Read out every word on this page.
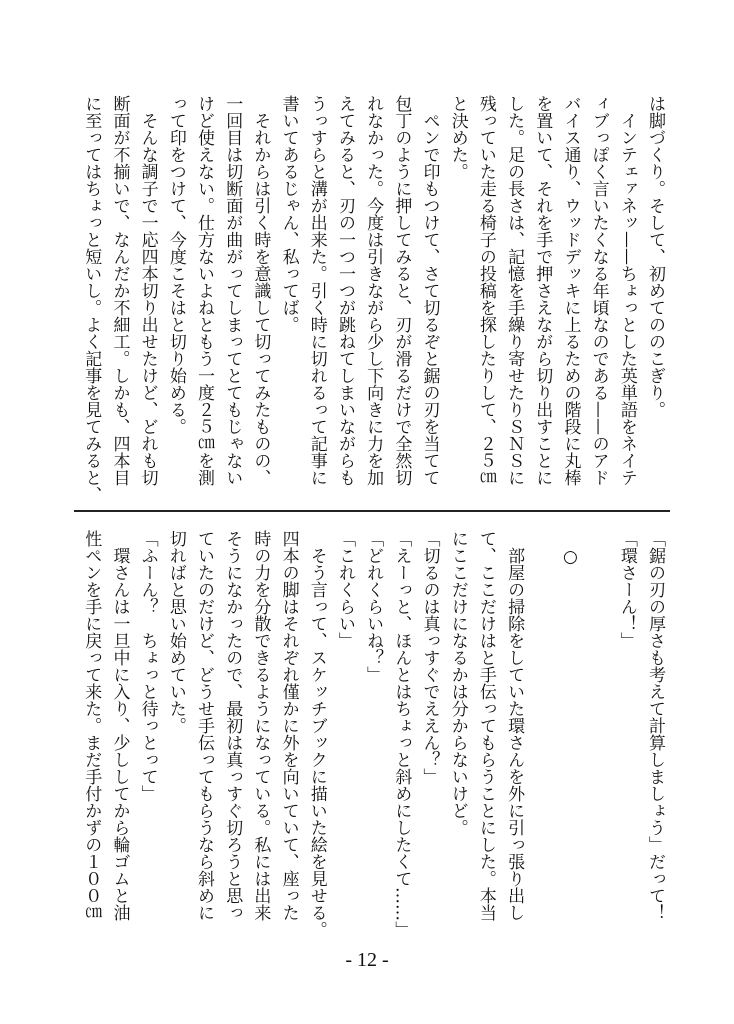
は脚づくり。そして、初めてののこぎり。
　インテェァネッ——ちょっとした英単語をネイテ
ィブっぽく言いたくなる年頃なのである——のアド
バイス通り、ウッドデッキに上るための階段に丸棒
を置いて、それを手で押さえながら切り出すことに
した。足の長さは、記憶を手繰り寄せたりＳＮＳに
残っていた走る椅子の投稿を探したりして、２５㎝
と決めた。
　ペンで印もつけて、さて切るぞと鋸の刃を当てて
包丁のように押してみると、刃が滑るだけで全然切
れなかった。今度は引きながら少し下向きに力を加
えてみると、刃の一つ一つが跳ねてしまいながらも
うっすらと溝が出来た。引く時に切れるって記事に
書いてあるじゃん、私ってば。
　それからは引く時を意識して切ってみたものの、
一回目は切断面が曲がってしまってとてもじゃない
けど使えない。仕方ないよねともう一度２５㎝を測
って印をつけて、今度こそはと切り始める。
　そんな調子で一応四本切り出せたけど、どれも切
断面が不揃いで、なんだか不細工。しかも、四本目
に至ってはちょっと短いし。よく記事を見てみると、
「鋸の刃の厚さも考えて計算しましょう」だって！
「環さーん！」
　○
　部屋の掃除をしていた環さんを外に引っ張り出し
て、ここだけはと手伝ってもらうことにした。本当
にここだけになるかは分からないけど。
「切るのは真っすぐでええん？」
「えーっと、ほんとはちょっと斜めにしたくて……」
「どれくらいね？」
「これくらい」
　そう言って、スケッチブックに描いた絵を見せる。
四本の脚はそれぞれ僅かに外を向いていて、座った
時の力を分散できるようになっている。私には出来
そうになかったので、最初は真っすぐ切ろうと思っ
ていたのだけど、どうせ手伝ってもらうなら斜めに
切ればと思い始めていた。
「ふーん？　ちょっと待っとって」
　環さんは一旦中に入り、少ししてから輪ゴムと油
性ペンを手に戻って来た。まだ手付かずの１００㎝
- 12 -
